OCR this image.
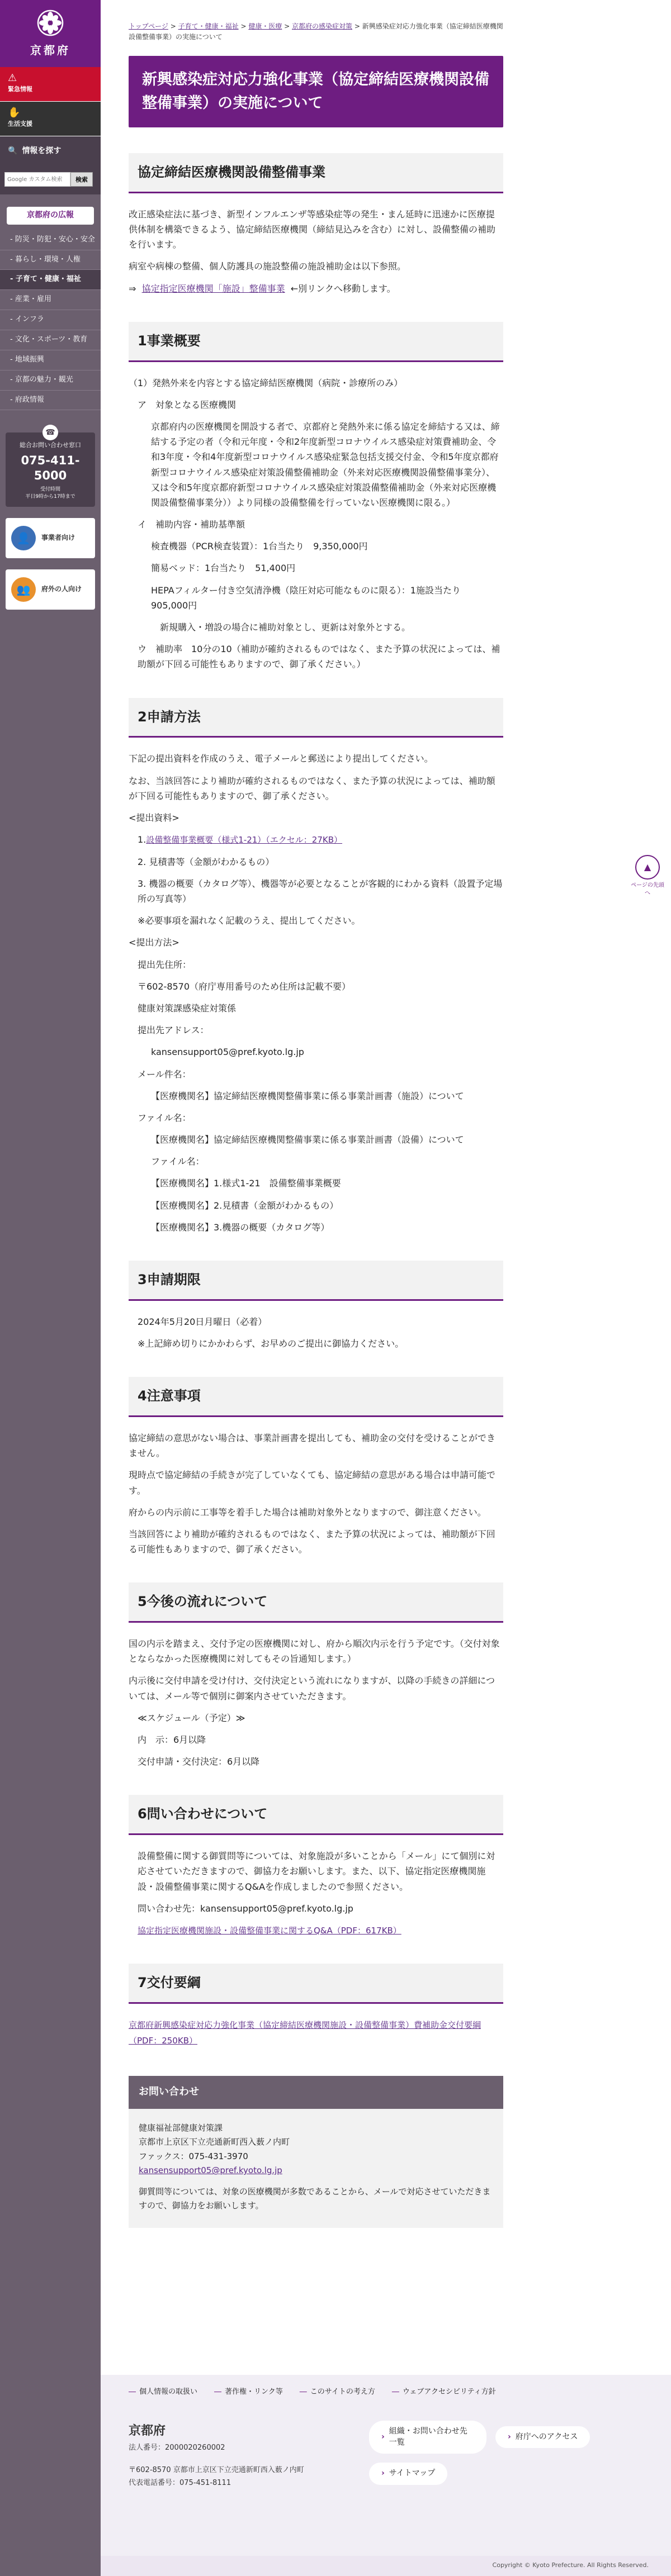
京都府
⚠
緊急情報
✋
生活支援
🔍 情報を探す
Google カスタム検索
検索
京都府の広報
- 防災・防犯・安心・安全
- 暮らし・環境・人権
- 子育て・健康・福祉
- 産業・雇用
- インフラ
- 文化・スポーツ・教育
- 地域振興
- 京都の魅力・観光
- 府政情報
☎
総合お問い合わせ窓口
075-411-5000
受付時間
平日9時から17時まで
👤	事業者向け
👥	府外の人向け
トップページ > 子育て・健康・福祉 > 健康・医療 > 京都府の感染症対策 > 新興感染症対応力強化事業（協定締結医療機関設備整備事業）の実施について
新興感染症対応力強化事業（協定締結医療機関設備整備事業）の実施について
協定締結医療機関設備整備事業

改正感染症法に基づき、新型インフルエンザ等感染症等の発生・まん延時に迅速かに医療提供体制を構築できるよう、協定締結医療機関（締結見込みを含む）に対し、設備整備の補助を行います。

病室や病棟の整備、個人防護具の施設整備の施設補助金は以下参照。

⇒ 協定指定医療機関「施設」整備事業 ←別リンクへ移動します。

1事業概要

（1）発熱外来を内容とする協定締結医療機関（病院・診療所のみ）

ア　対象となる医療機関

京都府内の医療機関を開設する者で、京都府と発熱外来に係る協定を締結する又は、締結する予定の者（令和元年度・令和2年度新型コロナウイルス感染症対策費補助金、令和3年度・令和4年度新型コロナウイルス感染症緊急包括支援交付金、令和5年度京都府新型コロナウイルス感染症対策設備整備補助金（外来対応医療機関設備整備事業分）、又は令和5年度京都府新型コロナウイルス感染症対策設備整備補助金（外来対応医療機関設備整備事業分））より同様の設備整備を行っていない医療機関に限る。）

イ　補助内容・補助基準額

検査機器（PCR検査装置）：1台当たり　9,350,000円

簡易ベッド：1台当たり　51,400円

HEPAフィルター付き空気清浄機（陰圧対応可能なものに限る）：1施設当たり　905,000円

新規購入・増設の場合に補助対象とし、更新は対象外とする。

ウ　補助率　10分の10（補助が確約されるものではなく、また予算の状況によっては、補助額が下回る可能性もありますので、御了承ください。）

2申請方法

下記の提出資料を作成のうえ、電子メールと郵送により提出してください。

なお、当該回答により補助が確約されるものではなく、また予算の状況によっては、補助額が下回る可能性もありますので、御了承ください。

<提出資料>

1.設備整備事業概要（様式1-21）（エクセル：27KB）

2. 見積書等（金額がわかるもの）

3. 機器の概要（カタログ等）、機器等が必要となることが客観的にわかる資料（設置予定場所の写真等）

※必要事項を漏れなく記載のうえ、提出してください。

<提出方法>

提出先住所：

〒602-8570（府庁専用番号のため住所は記載不要）

健康対策課感染症対策係

提出先アドレス：

kansensupport05@pref.kyoto.lg.jp

メール件名：

【医療機関名】協定締結医療機関整備事業に係る事業計画書（施設）について

ファイル名：

【医療機関名】協定締結医療機関整備事業に係る事業計画書（設備）について

ファイル名：

【医療機関名】1.様式1-21　設備整備事業概要

【医療機関名】2.見積書（金額がわかるもの）

【医療機関名】3.機器の概要（カタログ等）

3申請期限

2024年5月20日月曜日（必着）

※上記締め切りにかかわらず、お早めのご提出に御協力ください。

4注意事項

協定締結の意思がない場合は、事業計画書を提出しても、補助金の交付を受けることができません。

現時点で協定締結の手続きが完了していなくても、協定締結の意思がある場合は申請可能です。

府からの内示前に工事等を着手した場合は補助対象外となりますので、御注意ください。

当該回答により補助が確約されるものではなく、また予算の状況によっては、補助額が下回る可能性もありますので、御了承ください。

5今後の流れについて

国の内示を踏まえ、交付予定の医療機関に対し、府から順次内示を行う予定です。（交付対象とならなかった医療機関に対してもその旨通知します。）

内示後に交付申請を受け付け、交付決定という流れになりますが、以降の手続きの詳細については、メール等で個別に御案内させていただきます。

≪スケジュール（予定）≫

内　示：6月以降

交付申請・交付決定：6月以降

6問い合わせについて

設備整備に関する御質問等については、対象施設が多いことから「メール」にて個別に対応させていただきますので、御協力をお願いします。また、以下、協定指定医療機関施設・設備整備事業に関するQ&Aを作成しましたので参照ください。

問い合わせ先：kansensupport05@pref.kyoto.lg.jp

協定指定医療機関施設・設備整備事業に関するQ&A（PDF：617KB）

7交付要綱

京都府新興感染症対応力強化事業（協定締結医療機関施設・設備整備事業）費補助金交付要綱（PDF：250KB）

お問い合わせ

健康福祉部健康対策課

京都市上京区下立売通新町西入薮ノ内町

ファックス：075-431-3970

kansensupport05@pref.kyoto.lg.jp

御質問等については、対象の医療機関が多数であることから、メールで対応させていただきますので、御協力をお願いします。

▲
ページの先頭へ
― 個人情報の取扱い ― 著作権・リンク等 ― このサイトの考え方 ― ウェブアクセシビリティ方針
京都府
法人番号：2000020260002
〒602-8570 京都市上京区下立売通新町西入薮ノ内町
代表電話番号：075-451-8111
›
組織・お問い合わせ先一覧
› 府庁へのアクセス

› サイトマップ
Copyright © Kyoto Prefecture. All Rights Reserved.
